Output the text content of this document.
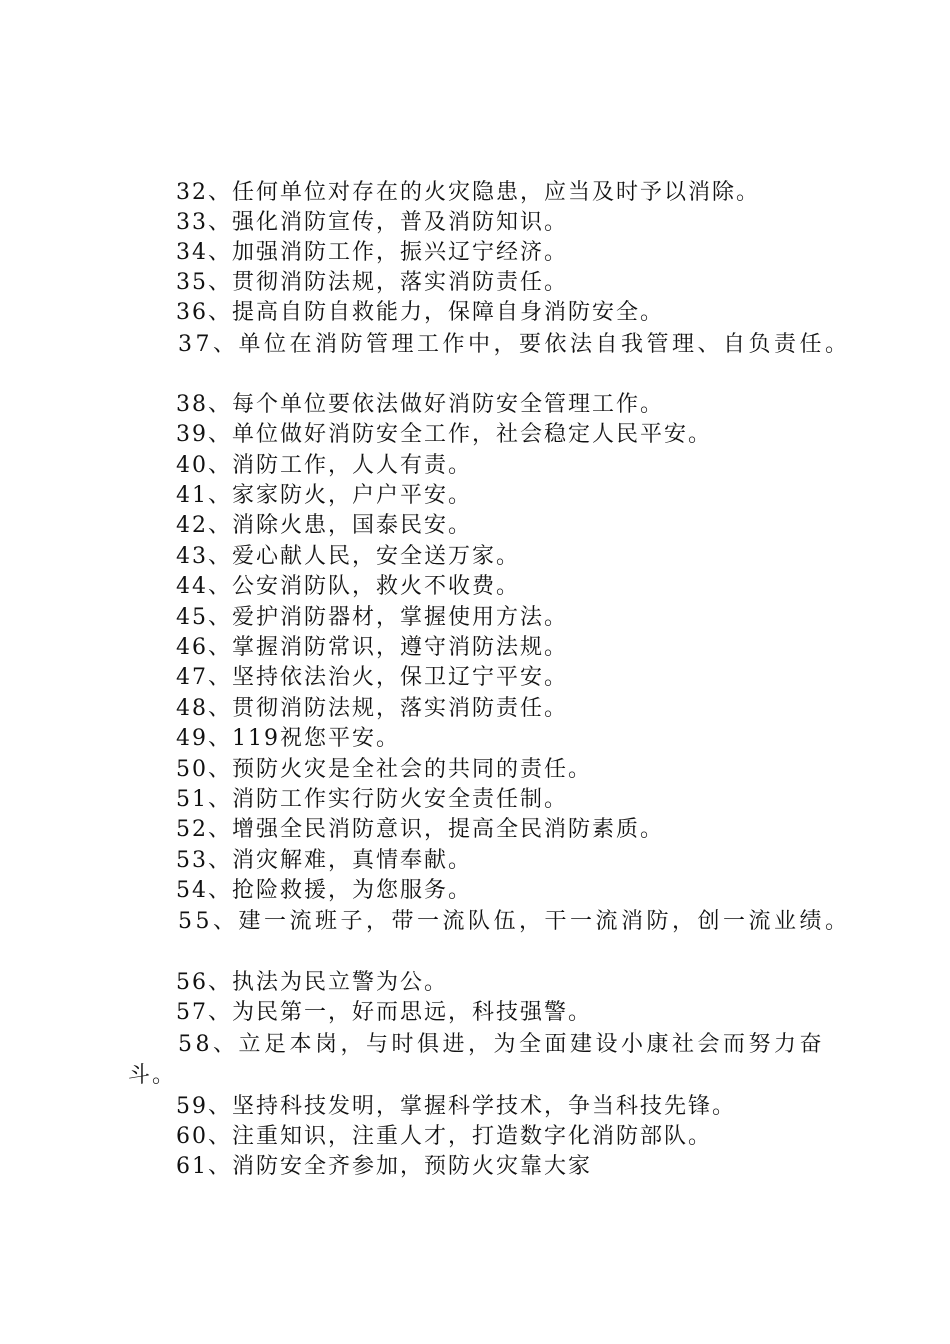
32、任何单位对存在的火灾隐患，应当及时予以消除。
33、强化消防宣传，普及消防知识。
34、加强消防工作，振兴辽宁经济。
35、贯彻消防法规，落实消防责任。
36、提高自防自救能力，保障自身消防安全。
37、单位在消防管理工作中，要依法自我管理、自负责任。
38、每个单位要依法做好消防安全管理工作。
39、单位做好消防安全工作，社会稳定人民平安。
40、消防工作，人人有责。
41、家家防火，户户平安。
42、消除火患，国泰民安。
43、爱心献人民，安全送万家。
44、公安消防队，救火不收费。
45、爱护消防器材，掌握使用方法。
46、掌握消防常识，遵守消防法规。
47、坚持依法治火，保卫辽宁平安。
48、贯彻消防法规，落实消防责任。
49、119祝您平安。
50、预防火灾是全社会的共同的责任。
51、消防工作实行防火安全责任制。
52、增强全民消防意识，提高全民消防素质。
53、消灾解难，真情奉献。
54、抢险救援，为您服务。
55、建一流班子，带一流队伍，干一流消防，创一流业绩。
56、执法为民立警为公。
57、为民第一，好而思远，科技强警。
58、立足本岗，与时俱进，为全面建设小康社会而努力奋
斗。
59、坚持科技发明，掌握科学技术，争当科技先锋。
60、注重知识，注重人才，打造数字化消防部队。
61、消防安全齐参加，预防火灾靠大家
